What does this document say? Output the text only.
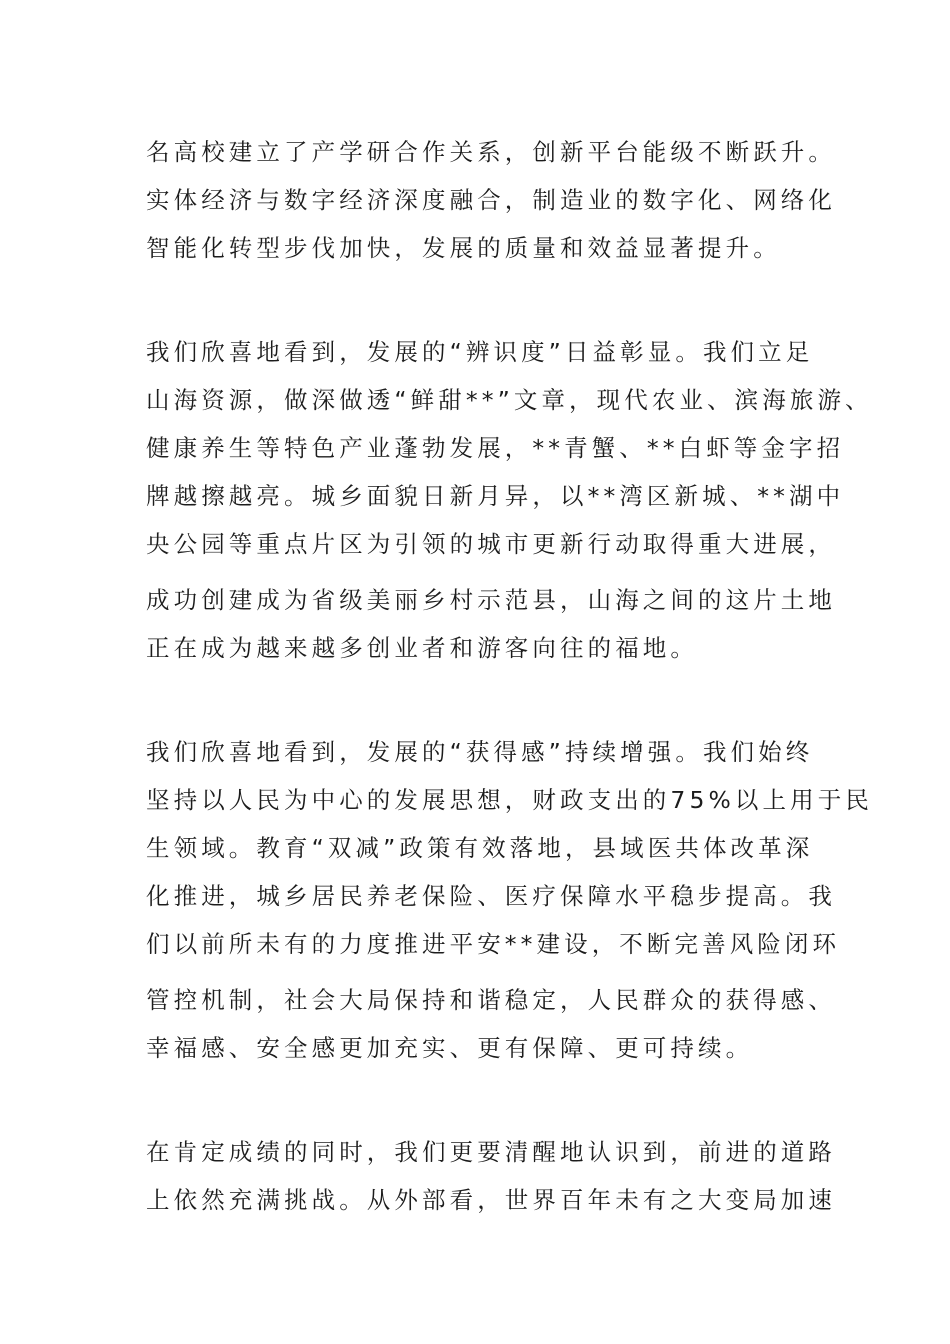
名高校建立了产学研合作关系，创新平台能级不断跃升。
实体经济与数字经济深度融合，制造业的数字化、网络化
智能化转型步伐加快，发展的质量和效益显著提升。
我们欣喜地看到，发展的“辨识度”日益彰显。我们立足
山海资源，做深做透“鲜甜**”文章，现代农业、滨海旅游、
健康养生等特色产业蓬勃发展，**青蟹、**白虾等金字招
牌越擦越亮。城乡面貌日新月异，以**湾区新城、**湖中
央公园等重点片区为引领的城市更新行动取得重大进展，
成功创建成为省级美丽乡村示范县，山海之间的这片土地
正在成为越来越多创业者和游客向往的福地。
我们欣喜地看到，发展的“获得感”持续增强。我们始终
坚持以人民为中心的发展思想，财政支出的75%以上用于民
生领域。教育“双减”政策有效落地，县域医共体改革深
化推进，城乡居民养老保险、医疗保障水平稳步提高。我
们以前所未有的力度推进平安**建设，不断完善风险闭环
管控机制，社会大局保持和谐稳定，人民群众的获得感、
幸福感、安全感更加充实、更有保障、更可持续。
在肯定成绩的同时，我们更要清醒地认识到，前进的道路
上依然充满挑战。从外部看，世界百年未有之大变局加速
